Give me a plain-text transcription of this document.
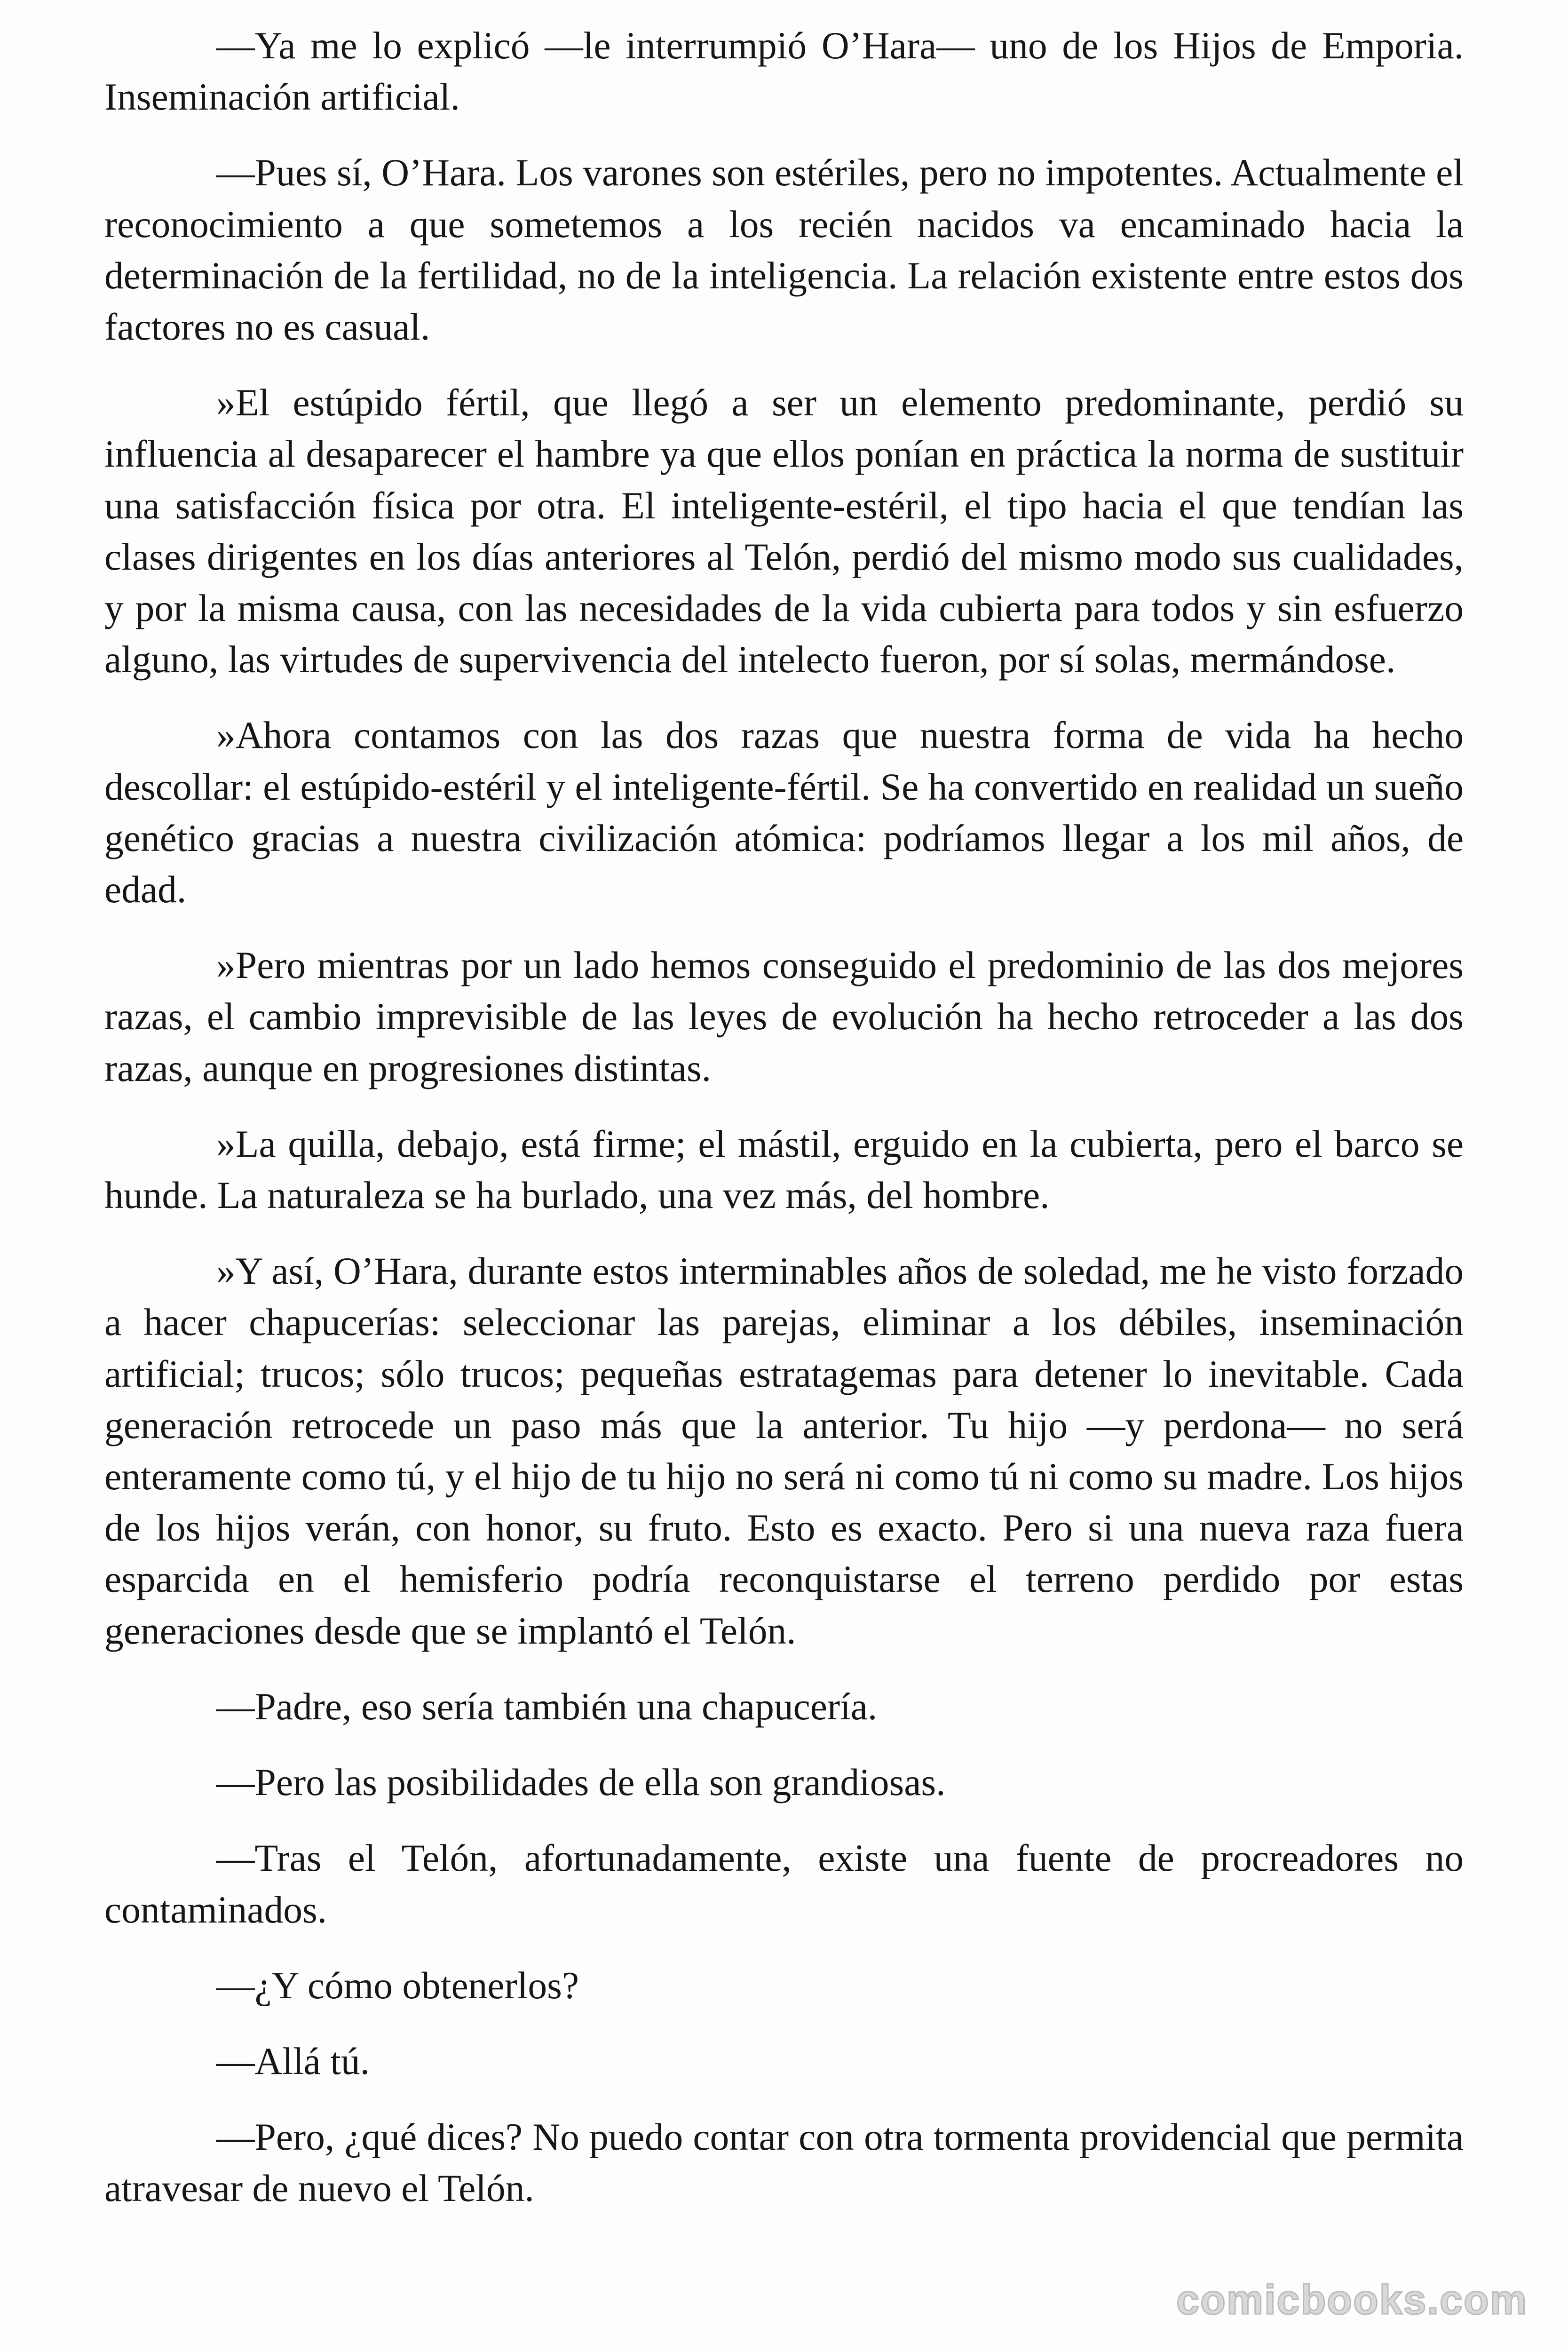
—Ya me lo explicó —le interrumpió O’Hara— uno de los Hijos de Emporia. Inseminación artificial.

—Pues sí, O’Hara. Los varones son estériles, pero no impotentes. Actualmente el reconocimiento a que sometemos a los recién nacidos va encaminado hacia la determinación de la fertilidad, no de la inteligencia. La relación existente entre estos dos factores no es casual.

»El estúpido fértil, que llegó a ser un elemento predominante, perdió su influencia al desaparecer el hambre ya que ellos ponían en práctica la norma de sustituir una satisfacción física por otra. El inteligente-estéril, el tipo hacia el que tendían las clases dirigentes en los días anteriores al Telón, perdió del mismo modo sus cualidades, y por la misma causa, con las necesidades de la vida cubierta para todos y sin esfuerzo alguno, las virtudes de supervivencia del intelecto fueron, por sí solas, mermándose.

»Ahora contamos con las dos razas que nuestra forma de vida ha hecho descollar: el estúpido-estéril y el inteligente-fértil. Se ha convertido en realidad un sueño genético gracias a nuestra civilización atómica: podríamos llegar a los mil años, de edad.

»Pero mientras por un lado hemos conseguido el predominio de las dos mejores razas, el cambio imprevisible de las leyes de evolución ha hecho retroceder a las dos razas, aunque en progresiones distintas.

»La quilla, debajo, está firme; el mástil, erguido en la cubierta, pero el barco se hunde. La naturaleza se ha burlado, una vez más, del hombre.

»Y así, O’Hara, durante estos interminables años de soledad, me he visto forzado a hacer chapucerías: seleccionar las parejas, eliminar a los débiles, inseminación artificial; trucos; sólo trucos; pequeñas estratagemas para detener lo inevitable. Cada generación retrocede un paso más que la anterior. Tu hijo —y perdona— no será enteramente como tú, y el hijo de tu hijo no será ni como tú ni como su madre. Los hijos de los hijos verán, con honor, su fruto. Esto es exacto. Pero si una nueva raza fuera esparcida en el hemisferio podría reconquistarse el terreno perdido por estas generaciones desde que se implantó el Telón.

—Padre, eso sería también una chapucería.

—Pero las posibilidades de ella son grandiosas.

—Tras el Telón, afortunadamente, existe una fuente de procreadores no contaminados.

—¿Y cómo obtenerlos?

—Allá tú.

—Pero, ¿qué dices? No puedo contar con otra tormenta providencial que permita atravesar de nuevo el Telón.

comicbooks.com
